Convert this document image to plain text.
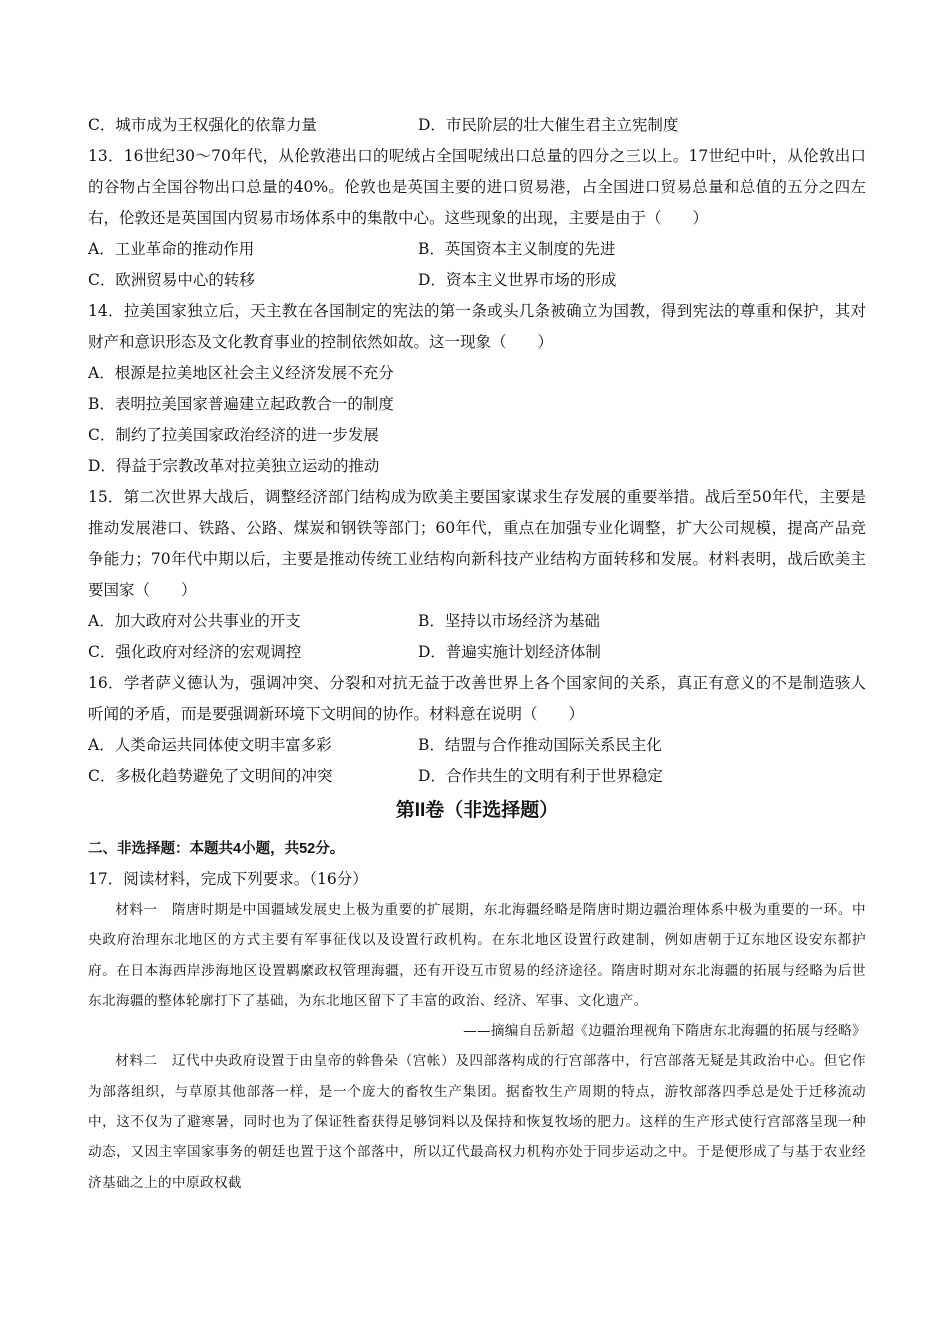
C．城市成为王权强化的依靠力量	D．市民阶层的壮大催生君主立宪制度
13．16世纪30～70年代，从伦敦港出口的呢绒占全国呢绒出口总量的四分之三以上。17世纪中叶，从伦敦出口的谷物占全国谷物出口总量的40%。伦敦也是英国主要的进口贸易港，占全国进口贸易总量和总值的五分之四左右，伦敦还是英国国内贸易市场体系中的集散中心。这些现象的出现，主要是由于（　　）
A．工业革命的推动作用	B．英国资本主义制度的先进
C．欧洲贸易中心的转移	D．资本主义世界市场的形成
14．拉美国家独立后，天主教在各国制定的宪法的第一条或头几条被确立为国教，得到宪法的尊重和保护，其对财产和意识形态及文化教育事业的控制依然如故。这一现象（　　）
A．根源是拉美地区社会主义经济发展不充分
B．表明拉美国家普遍建立起政教合一的制度
C．制约了拉美国家政治经济的进一步发展
D．得益于宗教改革对拉美独立运动的推动
15．第二次世界大战后，调整经济部门结构成为欧美主要国家谋求生存发展的重要举措。战后至50年代，主要是推动发展港口、铁路、公路、煤炭和钢铁等部门；60年代，重点在加强专业化调整，扩大公司规模，提高产品竞争能力；70年代中期以后，主要是推动传统工业结构向新科技产业结构方面转移和发展。材料表明，战后欧美主要国家（　　）
A．加大政府对公共事业的开支	B．坚持以市场经济为基础
C．强化政府对经济的宏观调控	D．普遍实施计划经济体制
16．学者萨义德认为，强调冲突、分裂和对抗无益于改善世界上各个国家间的关系，真正有意义的不是制造骇人听闻的矛盾，而是要强调新环境下文明间的协作。材料意在说明（　　）
A．人类命运共同体使文明丰富多彩	B．结盟与合作推动国际关系民主化
C．多极化趋势避免了文明间的冲突	D．合作共生的文明有利于世界稳定
第II卷（非选择题）
二、非选择题：本题共4小题，共52分。
17．阅读材料，完成下列要求。（16分）
材料一　隋唐时期是中国疆域发展史上极为重要的扩展期，东北海疆经略是隋唐时期边疆治理体系中极为重要的一环。中央政府治理东北地区的方式主要有军事征伐以及设置行政机构。在东北地区设置行政建制，例如唐朝于辽东地区设安东都护府。在日本海西岸涉海地区设置羁縻政权管理海疆，还有开设互市贸易的经济途径。隋唐时期对东北海疆的拓展与经略为后世东北海疆的整体轮廓打下了基础，为东北地区留下了丰富的政治、经济、军事、文化遗产。
——摘编自岳新超《边疆治理视角下隋唐东北海疆的拓展与经略》
材料二　辽代中央政府设置于由皇帝的斡鲁朵（宫帐）及四部落构成的行宫部落中，行宫部落无疑是其政治中心。但它作为部落组织，与草原其他部落一样，是一个庞大的畜牧生产集团。据畜牧生产周期的特点，游牧部落四季总是处于迁移流动中，这不仅为了避寒暑，同时也为了保证牲畜获得足够饲料以及保持和恢复牧场的肥力。这样的生产形式使行宫部落呈现一种动态，又因主宰国家事务的朝廷也置于这个部落中，所以辽代最高权力机构亦处于同步运动之中。于是便形成了与基于农业经济基础之上的中原政权截
